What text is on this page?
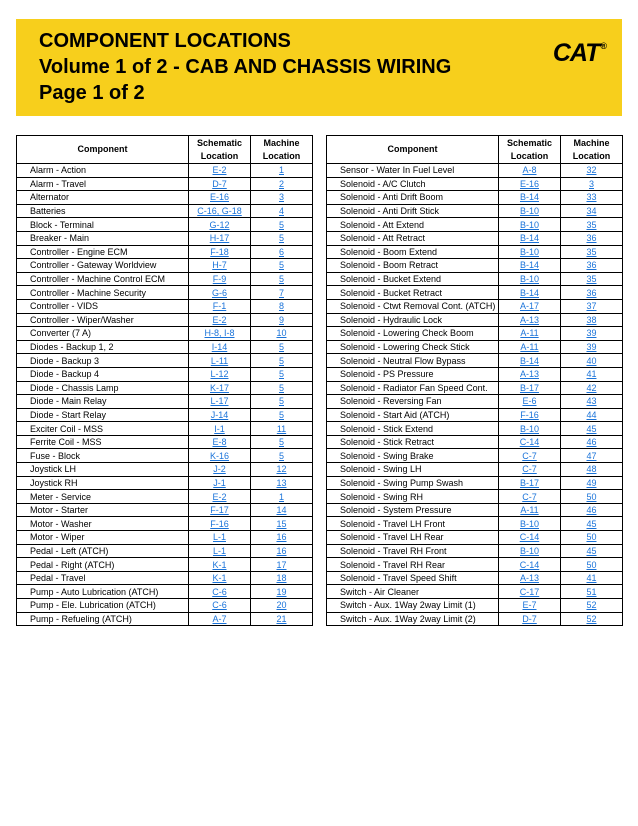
COMPONENT LOCATIONS
Volume 1 of 2 - CAB AND CHASSIS WIRING
Page 1 of 2
CAT®
Component	Schematic Location	Machine Location
Alarm - Action	E-2	1
Alarm - Travel	D-7	2
Alternator	E-16	3
Batteries	C-16, G-18	4
Block - Terminal	G-12	5
Breaker - Main	H-17	5
Controller - Engine ECM	F-18	6
Controller - Gateway Worldview	H-7	5
Controller - Machine Control ECM	F-9	5
Controller - Machine Security	G-6	7
Controller - VIDS	F-1	8
Controller - Wiper/Washer	E-2	9
Converter (7 A)	H-8, I-8	10
Diodes - Backup 1, 2	I-14	5
Diode - Backup 3	L-11	5
Diode - Backup 4	L-12	5
Diode - Chassis Lamp	K-17	5
Diode - Main Relay	L-17	5
Diode - Start Relay	J-14	5
Exciter Coil - MSS	I-1	11
Ferrite Coil - MSS	E-8	5
Fuse - Block	K-16	5
Joystick LH	J-2	12
Joystick RH	J-1	13
Meter - Service	E-2	1
Motor - Starter	F-17	14
Motor - Washer	F-16	15
Motor - Wiper	L-1	16
Pedal - Left (ATCH)	L-1	16
Pedal - Right (ATCH)	K-1	17
Pedal - Travel	K-1	18
Pump - Auto Lubrication (ATCH)	C-6	19
Pump - Ele. Lubrication (ATCH)	C-6	20
Pump - Refueling (ATCH)	A-7	21
Component	Schematic Location	Machine Location
Sensor - Water In Fuel Level	A-8	32
Solenoid - A/C Clutch	E-16	3
Solenoid - Anti Drift Boom	B-14	33
Solenoid - Anti Drift Stick	B-10	34
Solenoid - Att Extend	B-10	35
Solenoid - Att Retract	B-14	36
Solenoid - Boom Extend	B-10	35
Solenoid - Boom Retract	B-14	36
Solenoid - Bucket Extend	B-10	35
Solenoid - Bucket Retract	B-14	36
Solenoid - Ctwt Removal Cont. (ATCH)	A-17	37
Solenoid - Hydraulic Lock	A-13	38
Solenoid - Lowering Check Boom	A-11	39
Solenoid - Lowering Check Stick	A-11	39
Solenoid - Neutral Flow Bypass	B-14	40
Solenoid - PS Pressure	A-13	41
Solenoid - Radiator Fan Speed Cont.	B-17	42
Solenoid - Reversing Fan	E-6	43
Solenoid - Start Aid (ATCH)	F-16	44
Solenoid - Stick Extend	B-10	45
Solenoid - Stick Retract	C-14	46
Solenoid - Swing Brake	C-7	47
Solenoid - Swing LH	C-7	48
Solenoid - Swing Pump Swash	B-17	49
Solenoid - Swing RH	C-7	50
Solenoid - System Pressure	A-11	46
Solenoid - Travel LH Front	B-10	45
Solenoid - Travel LH Rear	C-14	50
Solenoid - Travel RH Front	B-10	45
Solenoid - Travel RH Rear	C-14	50
Solenoid - Travel Speed Shift	A-13	41
Switch - Air Cleaner	C-17	51
Switch - Aux. 1Way 2way Limit (1)	E-7	52
Switch - Aux. 1Way 2way Limit (2)	D-7	52
